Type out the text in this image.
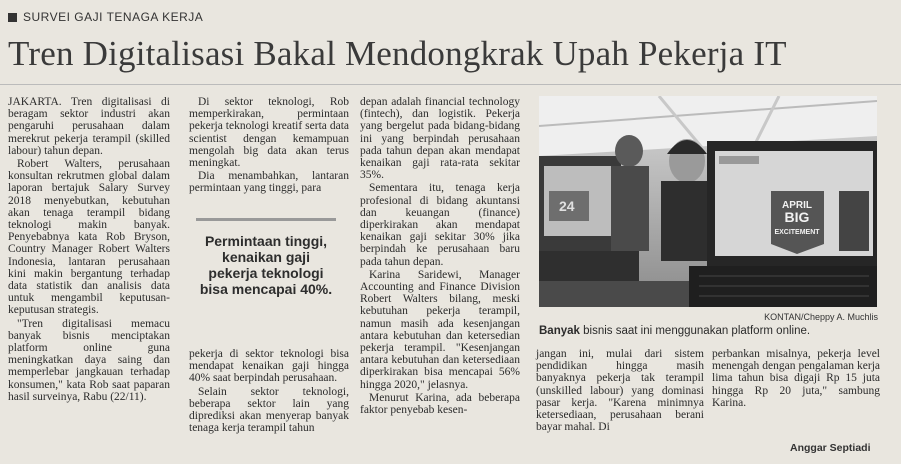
SURVEI GAJI TENAGA KERJA
Tren Digitalisasi Bakal Mendongkrak Upah Pekerja IT

JAKARTA. Tren digitalisasi di beragam sektor industri akan pengaruhi perusahaan dalam merekrut pekerja terampil (skilled labour) tahun depan.

Robert Walters, perusahaan konsultan rekrutmen global dalam laporan bertajuk Salary Survey 2018 menyebutkan, kebutuhan akan tenaga terampil bidang teknologi makin banyak. Penyebabnya kata Rob Bryson, Country Manager Robert Walters Indonesia, lantaran perusahaan kini makin bergantung terhadap data statistik dan analisis data untuk mengambil keputusan-keputusan strategis.

"Tren digitalisasi memacu banyak bisnis menciptakan platform online guna meningkatkan daya saing dan memperlebar jangkauan terhadap konsumen," kata Rob saat paparan hasil surveinya, Rabu (22/11).

Di sektor teknologi, Rob memperkirakan, permintaan pekerja teknologi kreatif serta data scientist dengan kemampuan mengolah big data akan terus meningkat.

Dia menambahkan, lantaran permintaan yang tinggi, para

Permintaan tinggi, kenaikan gaji pekerja teknologi bisa mencapai 40%.

pekerja di sektor teknologi bisa mendapat kenaikan gaji hingga 40% saat berpindah perusahaan.

Selain sektor teknologi, beberapa sektor lain yang diprediksi akan menyerap banyak tenaga kerja terampil tahun

depan adalah financial technology (fintech), dan logistik. Pekerja yang bergelut pada bidang-bidang ini yang berpindah perusahaan pada tahun depan akan mendapat kenaikan gaji rata-rata sekitar 35%.

Sementara itu, tenaga kerja profesional di bidang akuntansi dan keuangan (finance) diperkirakan akan mendapat kenaikan gaji sekitar 30% jika berpindah ke perusahaan baru pada tahun depan.

Karina Saridewi, Manager Accounting and Finance Division Robert Walters bilang, meski kebutuhan pekerja terampil, namun masih ada kesenjangan antara kebutuhan dan ketersedian pekerja terampil. "Kesenjangan antara kebutuhan dan ketersediaan diperkirakan bisa mencapai 56% hingga 2020," jelasnya.

Menurut Karina, ada beberapa faktor penyebab kesen-

24	APRIL
BIG
EXCITEMENT
KONTAN/Cheppy A. Muchlis
Banyak bisnis saat ini menggunakan platform online.

jangan ini, mulai dari sistem pendidikan hingga masih banyaknya pekerja tak terampil (unskilled labour) yang dominasi pasar kerja. "Karena minimnya ketersediaan, perusahaan berani bayar mahal. Di

perbankan misalnya, pekerja level menengah dengan pengalaman kerja lima tahun bisa digaji Rp 15 juta hingga Rp 20 juta," sambung Karina.

Anggar Septiadi
